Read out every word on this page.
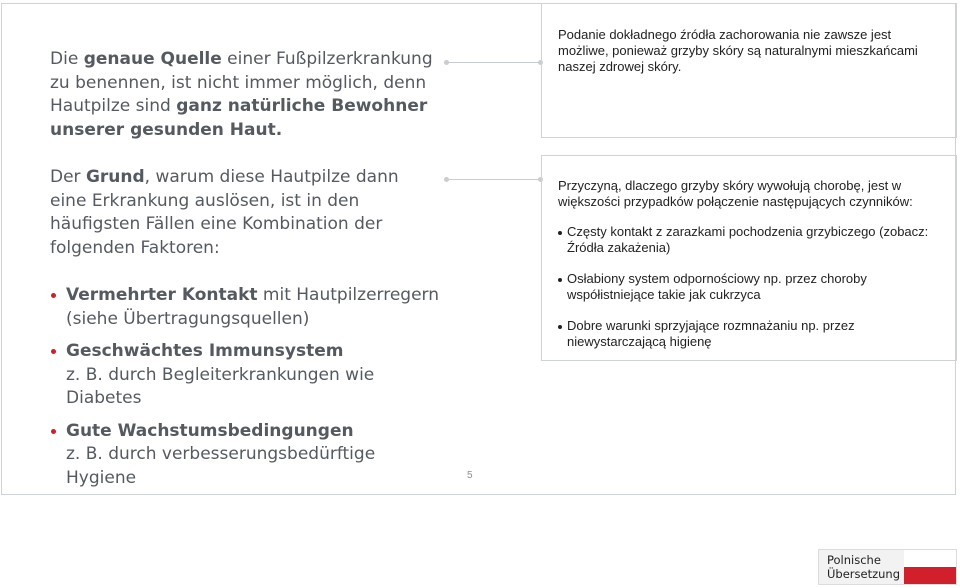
Die genaue Quelle einer Fußpilzerkrankung zu benennen, ist nicht immer möglich, denn Hautpilze sind ganz natürliche Bewohner unserer gesunden Haut.

Der Grund, warum diese Hautpilze dann eine Erkrankung auslösen, ist in den häufigsten Fällen eine Kombination der folgenden Faktoren:

Vermehrter Kontakt mit Hautpilzerregern (siehe Übertragungsquellen)
Geschwächtes Immunsystem
z. B. durch Begleiterkrankungen wie Diabetes
Gute Wachstumsbedingungen
z. B. durch verbesserungsbedürftige Hygiene

Podanie dokładnego źródła zachorowania nie zawsze jest możliwe, ponieważ grzyby skóry są naturalnymi mieszkańcami naszej zdrowej skóry.

Przyczyną, dlaczego grzyby skóry wywołują chorobę, jest w większości przypadków połączenie następujących czynników:

Częsty kontakt z zarazkami pochodzenia grzybiczego (zobacz: Źródła zakażenia)
Osłabiony system odpornościowy np. przez choroby współistniejące takie jak cukrzyca
Dobre warunki sprzyjające rozmnażaniu np. przez niewystarczającą higienę
5
Polnische
Übersetzung
